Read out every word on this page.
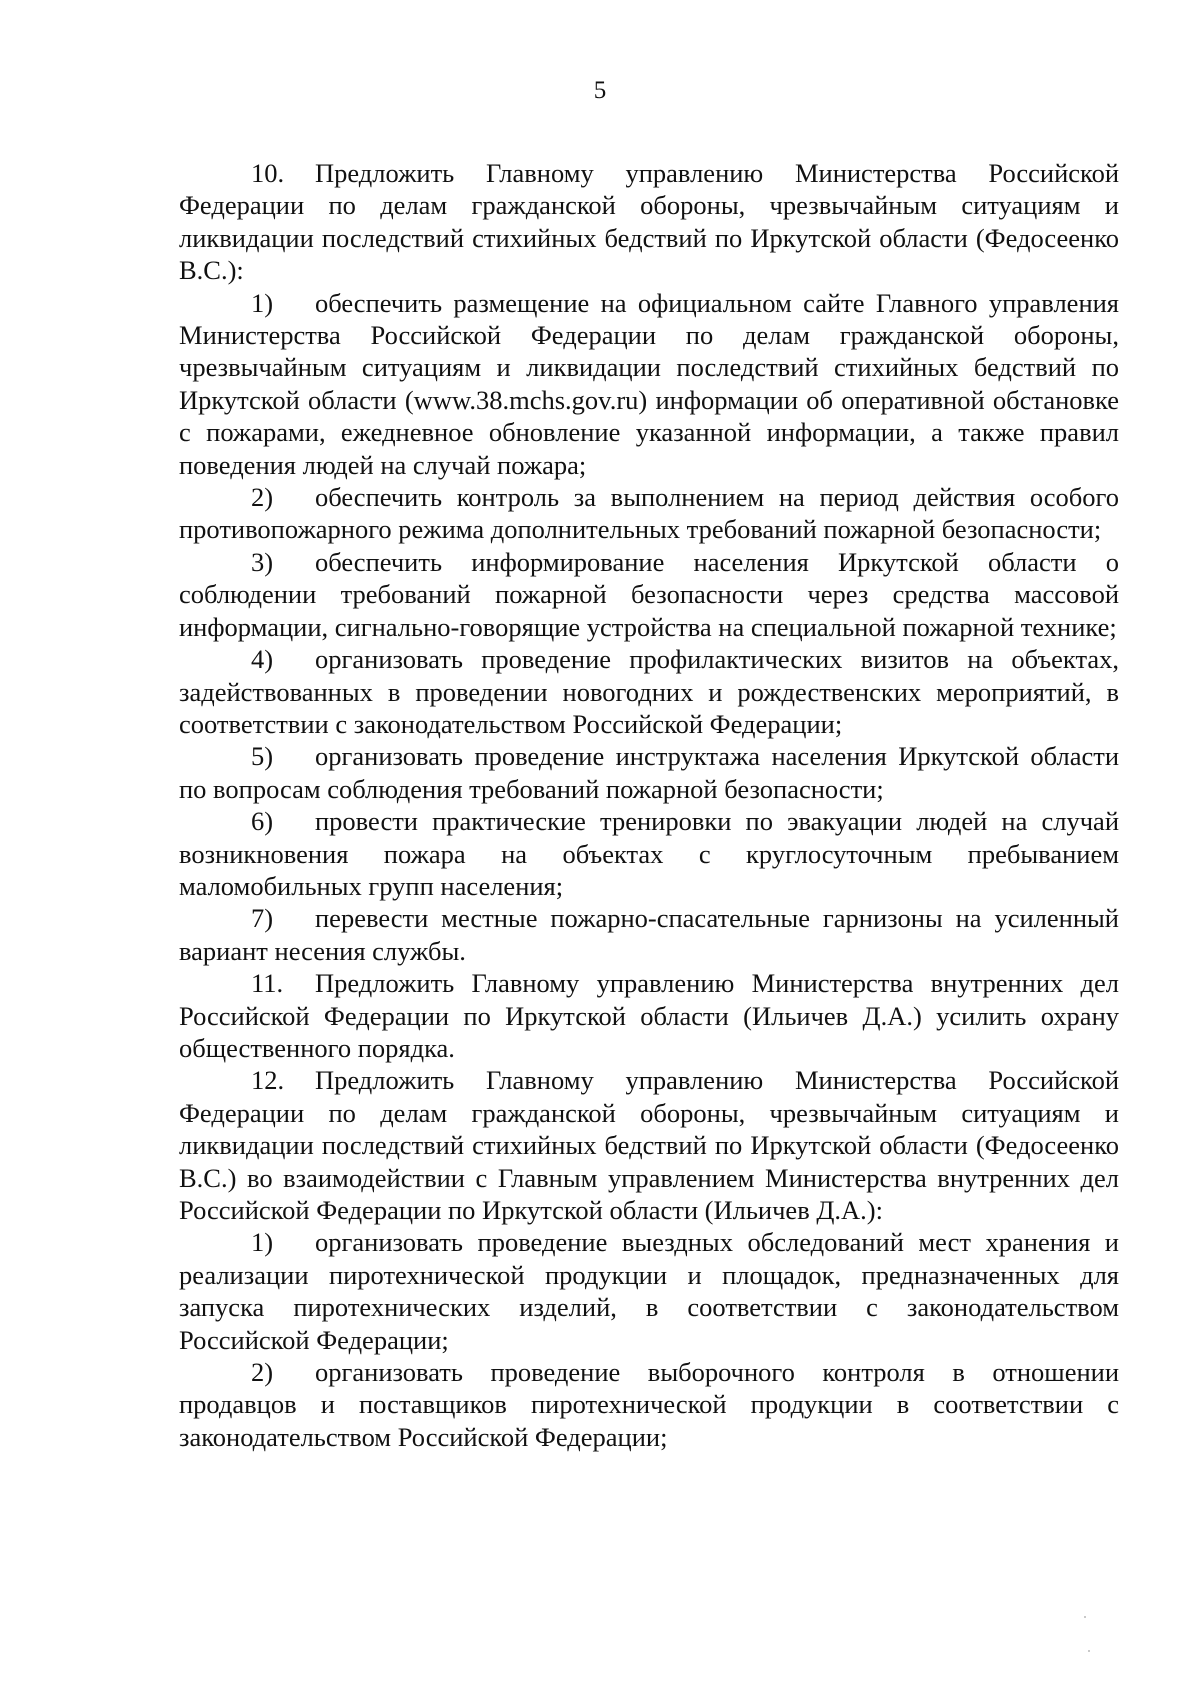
5

10. Предложить Главному управлению Министерства Российской Федерации по делам гражданской обороны, чрезвычайным ситуациям и ликвидации последствий стихийных бедствий по Иркутской области (Федосеенко В.С.):

1) обеспечить размещение на официальном сайте Главного управления Министерства Российской Федерации по делам гражданской обороны, чрезвычайным ситуациям и ликвидации последствий стихийных бедствий по Иркутской области (www.38.mchs.gov.ru) информации об оперативной обстановке с пожарами, ежедневное обновление указанной информации, а также правил поведения людей на случай пожара;

2) обеспечить контроль за выполнением на период действия особого противопожарного режима дополнительных требований пожарной безопасности;

3) обеспечить информирование населения Иркутской области о соблюдении требований пожарной безопасности через средства массовой информации, сигнально-говорящие устройства на специальной пожарной технике;

4) организовать проведение профилактических визитов на объектах, задействованных в проведении новогодних и рождественских мероприятий, в соответствии с законодательством Российской Федерации;

5) организовать проведение инструктажа населения Иркутской области по вопросам соблюдения требований пожарной безопасности;

6) провести практические тренировки по эвакуации людей на случай возникновения пожара на объектах с круглосуточным пребыванием маломобильных групп населения;

7) перевести местные пожарно-спасательные гарнизоны на усиленный вариант несения службы.

11. Предложить Главному управлению Министерства внутренних дел Российской Федерации по Иркутской области (Ильичев Д.А.) усилить охрану общественного порядка.

12. Предложить Главному управлению Министерства Российской Федерации по делам гражданской обороны, чрезвычайным ситуациям и ликвидации последствий стихийных бедствий по Иркутской области (Федосеенко В.С.) во взаимодействии с Главным управлением Министерства внутренних дел Российской Федерации по Иркутской области (Ильичев Д.А.):

1) организовать проведение выездных обследований мест хранения и реализации пиротехнической продукции и площадок, предназначенных для запуска пиротехнических изделий, в соответствии с законодательством Российской Федерации;

2) организовать проведение выборочного контроля в отношении продавцов и поставщиков пиротехнической продукции в соответствии с законодательством Российской Федерации;
